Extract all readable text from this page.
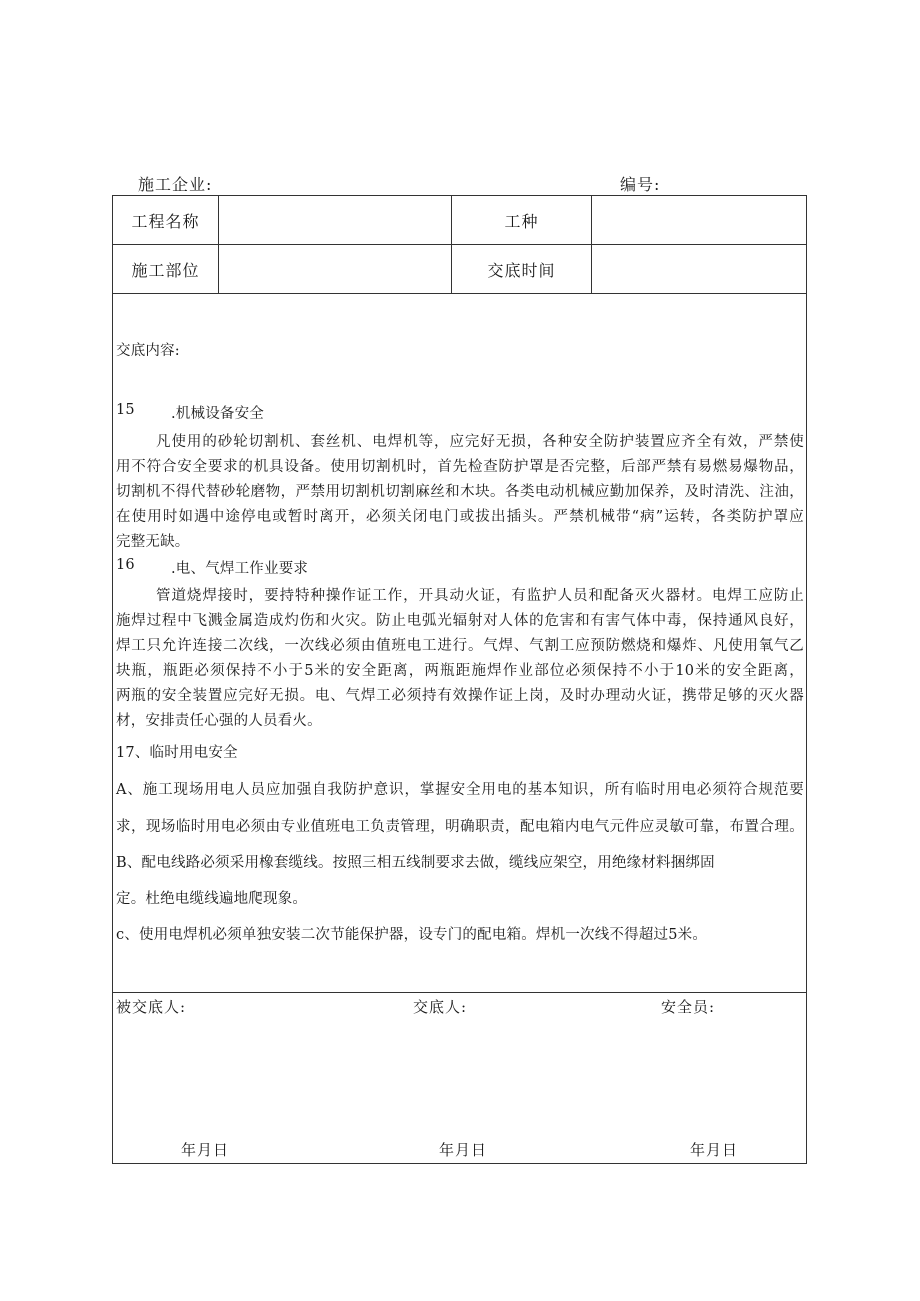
施工企业:	编号:
工程名称	工种
施工部位	交底时间
交底内容:
15 .机械设备安全
凡使用的砂轮切割机、套丝机、电焊机等，应完好无损，各种安全防护装置应齐全有效，严禁使
用不符合安全要求的机具设备。使用切割机时，首先检查防护罩是否完整，后部严禁有易燃易爆物品，
切割机不得代替砂轮磨物，严禁用切割机切割麻丝和木块。各类电动机械应勤加保养，及时清洗、注油，
在使用时如遇中途停电或暂时离开，必须关闭电门或拔出插头。严禁机械带“病”运转，各类防护罩应
完整无缺。
16 .电、气焊工作业要求
管道烧焊接时，要持特种操作证工作，开具动火证，有监护人员和配备灭火器材。电焊工应防止
施焊过程中飞溅金属造成灼伤和火灾。防止电弧光辐射对人体的危害和有害气体中毒，保持通风良好，
焊工只允许连接二次线，一次线必须由值班电工进行。气焊、气割工应预防燃烧和爆炸、凡使用氧气乙
块瓶，瓶距必须保持不小于5米的安全距离，两瓶距施焊作业部位必须保持不小于10米的安全距离，
两瓶的安全装置应完好无损。电、气焊工必须持有效操作证上岗，及时办理动火证，携带足够的灭火器
材，安排责任心强的人员看火。
17、临时用电安全
A、施工现场用电人员应加强自我防护意识，掌握安全用电的基本知识，所有临时用电必须符合规范要
求，现场临时用电必须由专业值班电工负责管理，明确职责，配电箱内电气元件应灵敏可靠，布置合理。
B、配电线路必须采用橡套缆线。按照三相五线制要求去做，缆线应架空，用绝缘材料捆绑固
定。杜绝电缆线遍地爬现象。
c、使用电焊机必须单独安装二次节能保护器，设专门的配电箱。焊机一次线不得超过5米。
被交底人:	交底人:	安全员:
年月日	年月日	年月日
